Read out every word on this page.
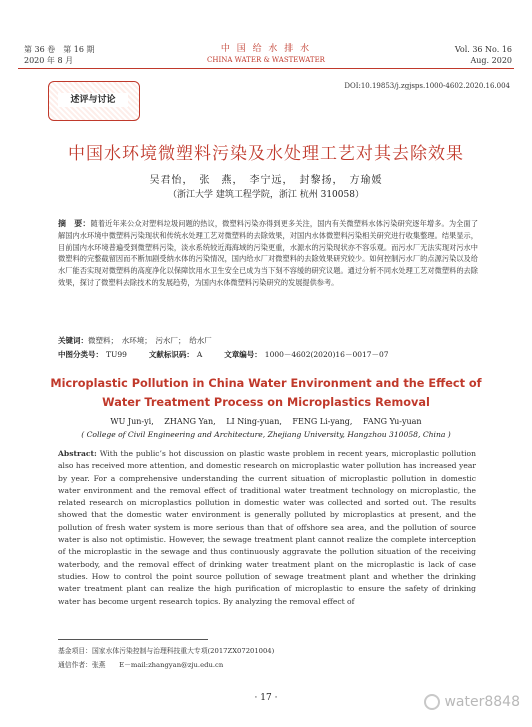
第 36 卷　第 16 期
2020 年 8 月
中 国 给 水 排 水
CHINA WATER & WASTEWATER
Vol. 36 No. 16
Aug. 2020
述评与讨论
DOI:10.19853/j.zgjsps.1000-4602.2020.16.004
中国水环境微塑料污染及水处理工艺对其去除效果
吴君怡，　张　燕，　李宁远，　封黎扬，　方瑜媛
（浙江大学 建筑工程学院，浙江 杭州 310058）
摘　要：随着近年来公众对塑料垃圾问题的热议，微塑料污染亦得到更多关注，国内有关微塑料水体污染研究逐年增多。为全面了解国内水环境中微塑料污染现状和传统水处理工艺对微塑料的去除效果，对国内水体微塑料污染相关研究进行收集整理。结果显示，目前国内水环境普遍受到微塑料污染，淡水系统较近海海域的污染更重，水源水的污染现状亦不容乐观。而污水厂无法实现对污水中微塑料的完整截留因而不断加剧受纳水体的污染情况，国内给水厂对微塑料的去除效果研究较少。如何控制污水厂的点源污染以及给水厂能否实现对微塑料的高度净化以保障饮用水卫生安全已成为当下刻不容缓的研究议题。通过分析不同水处理工艺对微塑料的去除效果，探讨了微塑料去除技术的发展趋势，为国内水体微塑料污染研究的发展提供参考。
关键词：微塑料；　水环境；　污水厂；　给水厂
中图分类号： TU99	文献标识码： A	文章编号： 1000－4602(2020)16－0017－07
Microplastic Pollution in China Water Environment and the Effect of Water Treatment Process on Microplastics Removal
WU Jun-yi,　 ZHANG Yan,　 LI Ning-yuan,　 FENG Li-yang,　 FANG Yu-yuan
( College of Civil Engineering and Architecture, Zhejiang University, Hangzhou 310058, China )
Abstract: With the public’s hot discussion on plastic waste problem in recent years, microplastic pollution also has received more attention, and domestic research on microplastic water pollution has increased year by year. For a comprehensive understanding the current situation of microplastic pollution in domestic water environment and the removal effect of traditional water treatment technology on microplastic, the related research on microplastics pollution in domestic water was collected and sorted out. The results showed that the domestic water environment is generally polluted by microplastics at present, and the pollution of fresh water system is more serious than that of offshore sea area, and the pollution of source water is also not optimistic. However, the sewage treatment plant cannot realize the complete interception of the microplastic in the sewage and thus continuously aggravate the pollution situation of the receiving waterbody, and the removal effect of drinking water treatment plant on the microplastic is lack of case studies. How to control the point source pollution of sewage treatment plant and whether the drinking water treatment plant can realize the high purification of microplastic to ensure the safety of drinking water has become urgent research topics. By analyzing the removal effect of
基金项目：国家水体污染控制与治理科技重大专项(2017ZX07201004)
通信作者：张燕　　E－mail:zhangyan@zju.edu.cn
· 17 ·	water8848
